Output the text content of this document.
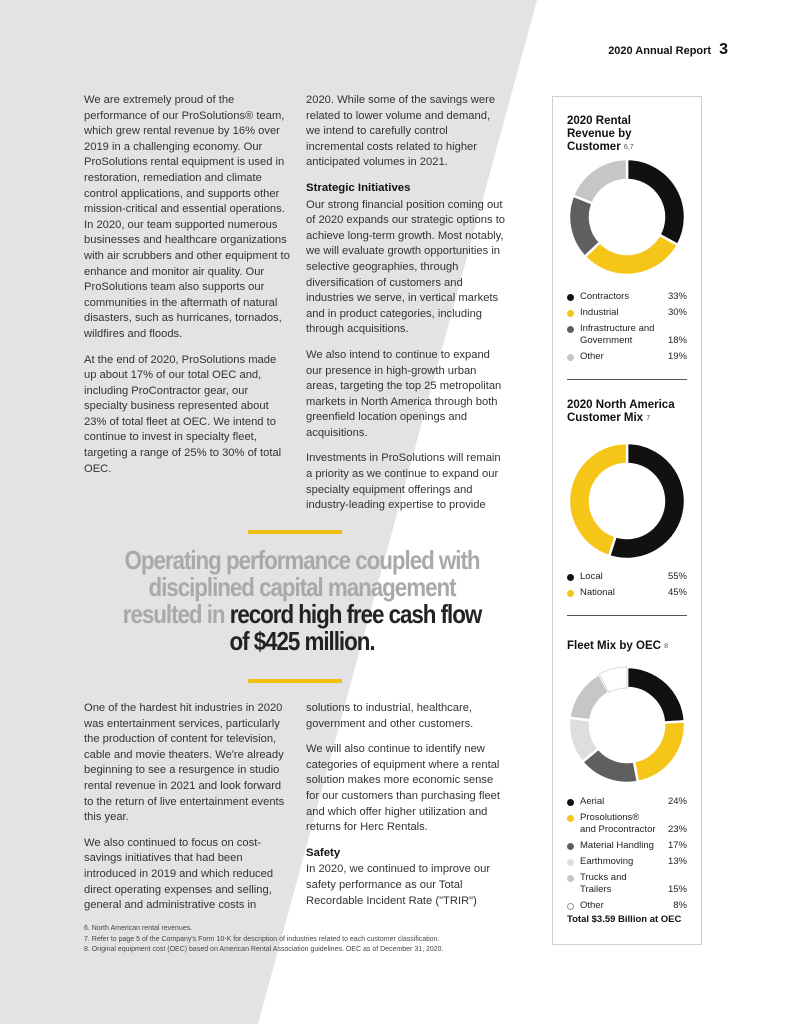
2020 Annual Report 3

We are extremely proud of the performance of our ProSolutions® team, which grew rental revenue by 16% over 2019 in a challenging economy. Our ProSolutions rental equipment is used in restoration, remediation and climate control applications, and supports other mission-critical and essential operations. In 2020, our team supported numerous businesses and healthcare organizations with air scrubbers and other equipment to enhance and monitor air quality. Our ProSolutions team also supports our communities in the aftermath of natural disasters, such as hurricanes, tornados, wildfires and floods.

At the end of 2020, ProSolutions made up about 17% of our total OEC and, including ProContractor gear, our specialty business represented about 23% of total fleet at OEC. We intend to continue to invest in specialty fleet, targeting a range of 25% to 30% of total OEC.

2020. While some of the savings were related to lower volume and demand, we intend to carefully control incremental costs related to higher anticipated volumes in 2021.

Strategic Initiatives

Our strong financial position coming out of 2020 expands our strategic options to achieve long-term growth. Most notably, we will evaluate growth opportunities in selective geographies, through diversification of customers and industries we serve, in vertical markets and in product categories, including through acquisitions.

We also intend to continue to expand our presence in high-growth urban areas, targeting the top 25 metropolitan markets in North America through both greenfield location openings and acquisitions.

Investments in ProSolutions will remain a priority as we continue to expand our specialty equipment offerings and industry-leading expertise to provide

Operating performance coupled with disciplined capital management resulted in record high free cash flow of $425 million.

One of the hardest hit industries in 2020 was entertainment services, particularly the production of content for television, cable and movie theaters. We're already beginning to see a resurgence in studio rental revenue in 2021 and look forward to the return of live entertainment events this year.

We also continued to focus on cost-savings initiatives that had been introduced in 2019 and which reduced direct operating expenses and selling, general and administrative costs in

solutions to industrial, healthcare, government and other customers.

We will also continue to identify new categories of equipment where a rental solution makes more economic sense for our customers than purchasing fleet and which offer higher utilization and returns for Herc Rentals.

Safety

In 2020, we continued to improve our safety performance as our Total Recordable Incident Rate ("TRIR")

6. North American rental revenues.
7. Refer to page 5 of the Company's Form 10-K for description of industries related to each customer classification.
8. Original equipment cost (OEC) based on American Rental Association guidelines. OEC as of December 31, 2020.
2020 Rental Revenue by Customer $^{6,7}$
Contractors	33%
Industrial	30%
Infrastructure and Government	18%
Other	19%
2020 North America Customer Mix $^7$
Local	55%
National	45%
Fleet Mix by OEC $^8$
Aerial	24%
Prosolutions® and Procontractor	23%
Material Handling	17%
Earthmoving	13%
Trucks and Trailers	15%
Other	8%
Total $3.59 Billion at OEC
